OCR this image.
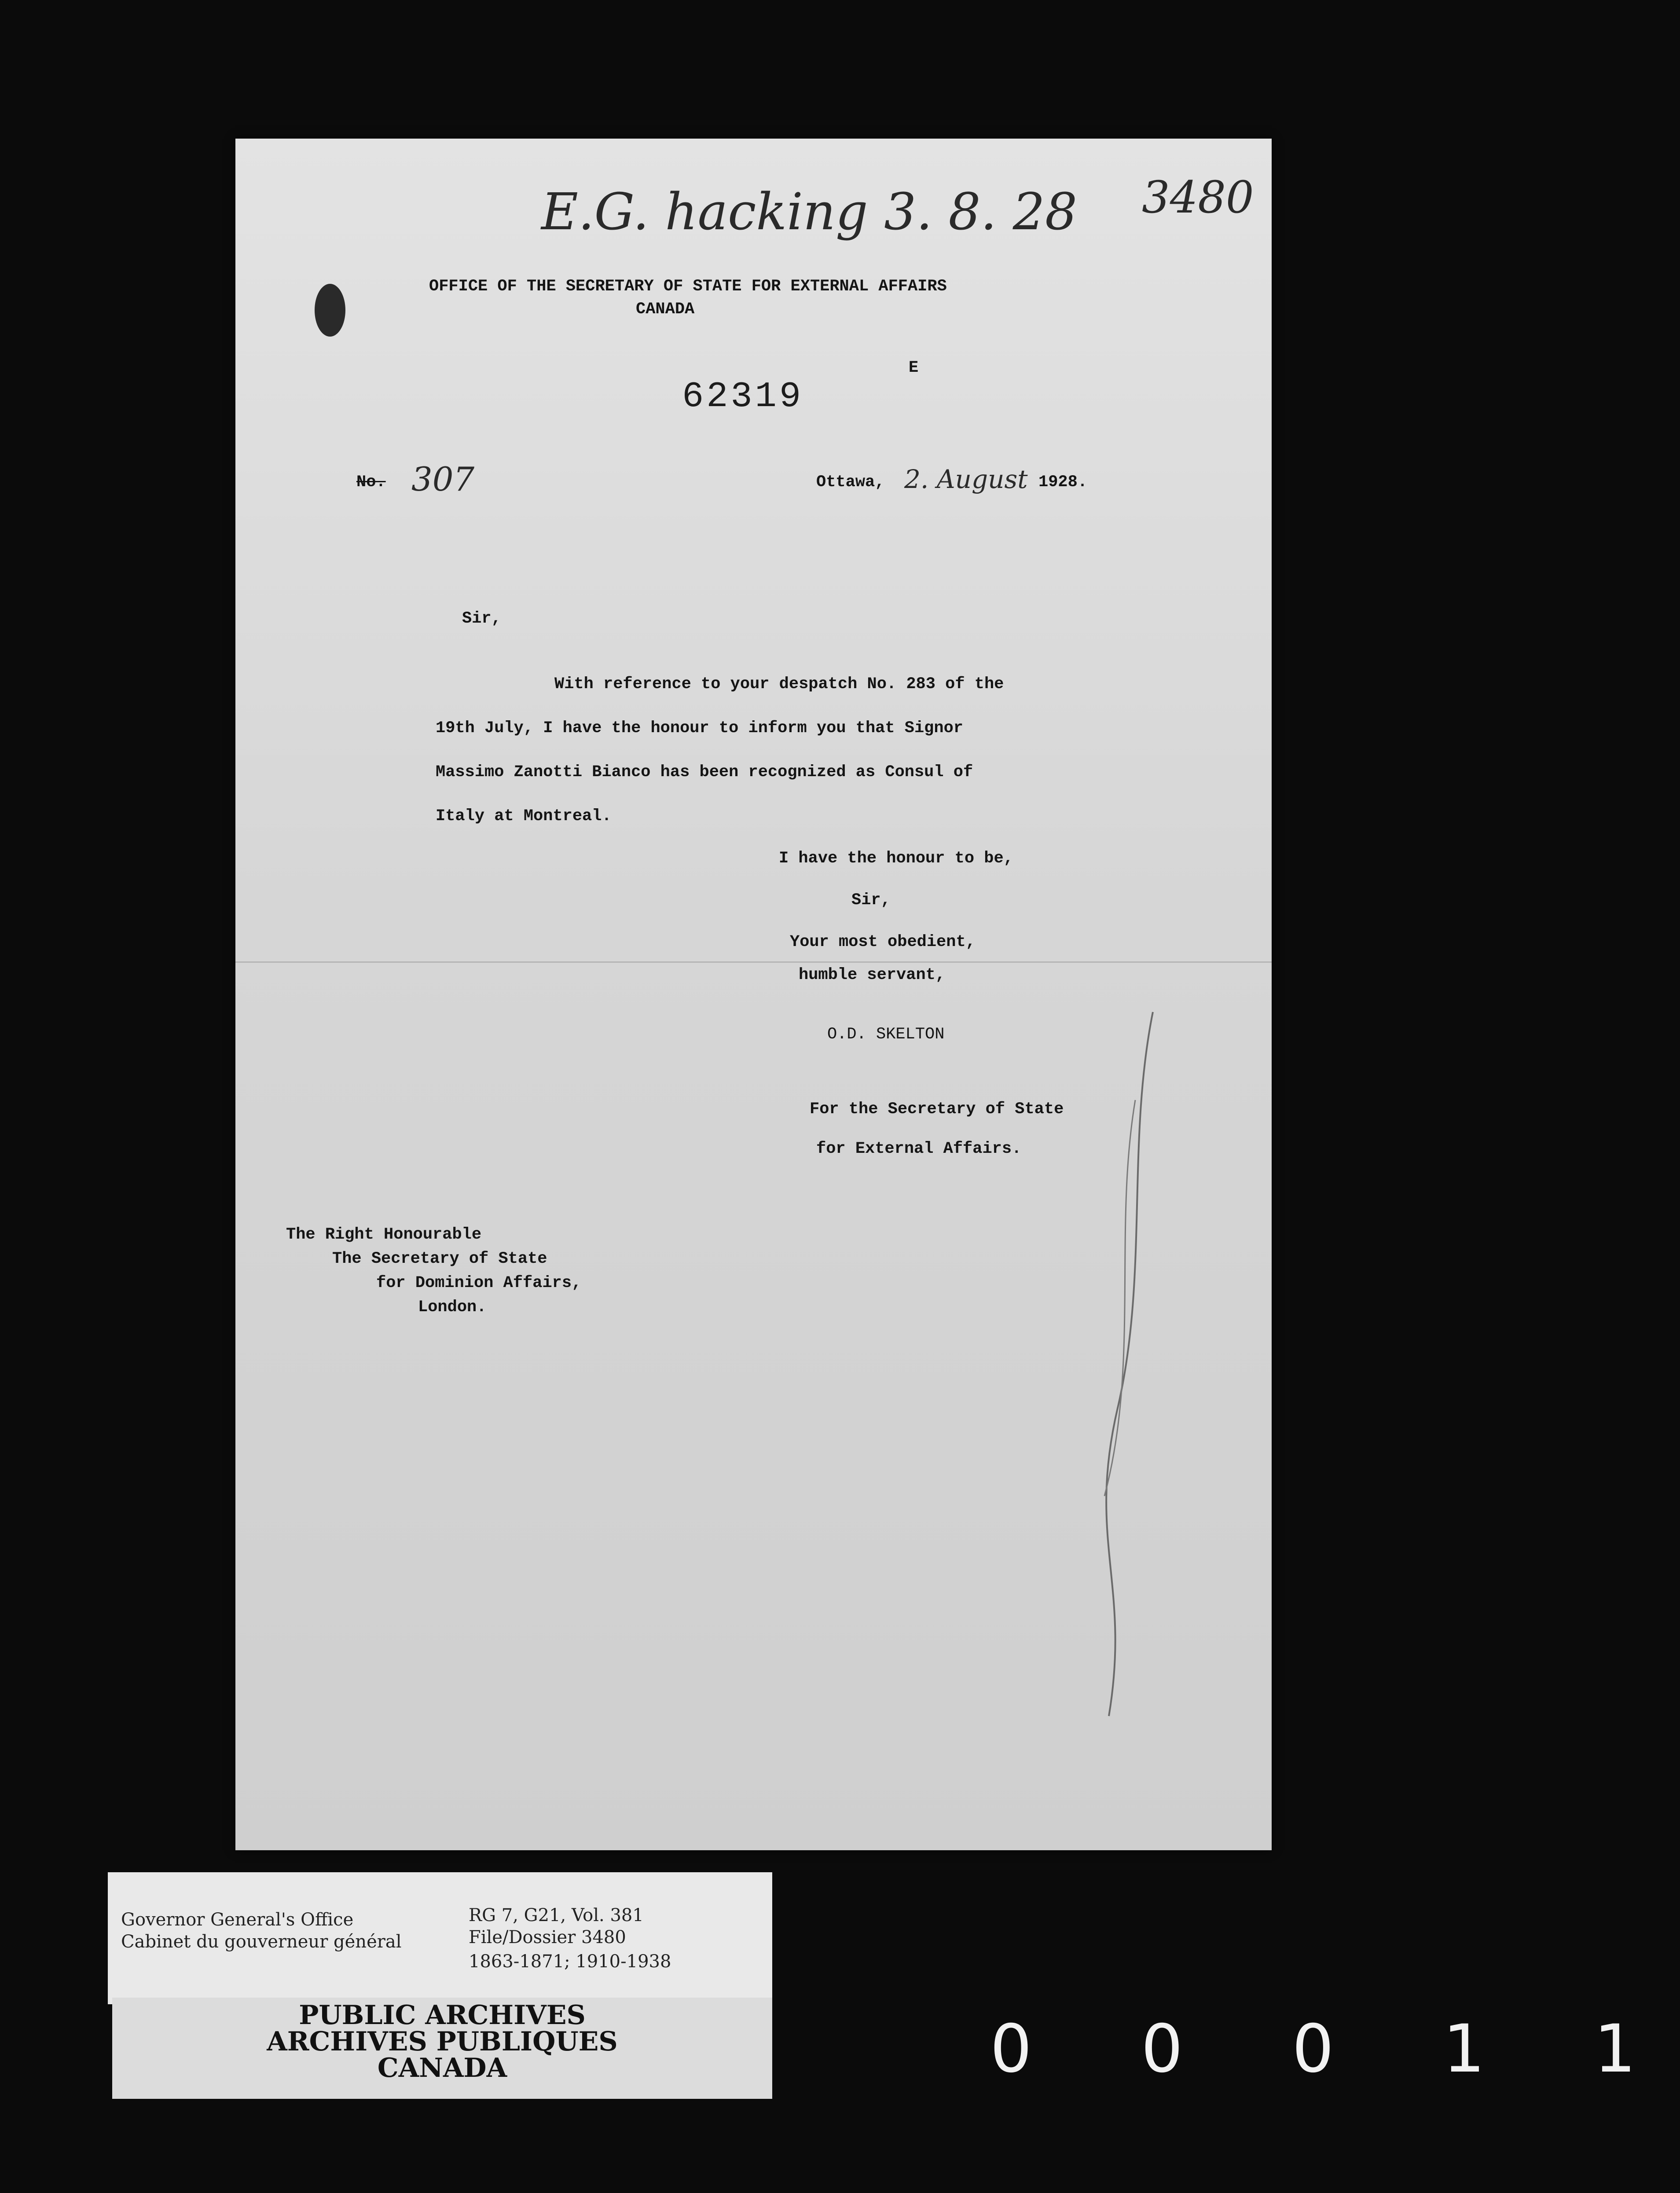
E.G. hacking 3. 8. 28 3480
OFFICE OF THE SECRETARY OF STATE FOR EXTERNAL AFFAIRS
CANADA
E
62319
No. 307	Ottawa, 2. August 1928.
Sir,
With reference to your despatch No. 283 of the
19th July, I have the honour to inform you that Signor
Massimo Zanotti Bianco has been recognized as Consul of
Italy at Montreal.
I have the honour to be,
Sir,
Your most obedient,
humble servant,
O.D. SKELTON
For the Secretary of State
for External Affairs.
The Right Honourable
The Secretary of State
for Dominion Affairs,
London.
Governor General's Office
Cabinet du gouverneur général
RG 7, G21, Vol. 381
File/Dossier 3480
1863-1871; 1910-1938
PUBLIC ARCHIVES
ARCHIVES PUBLIQUES
CANADA	0 0 0 1 1
